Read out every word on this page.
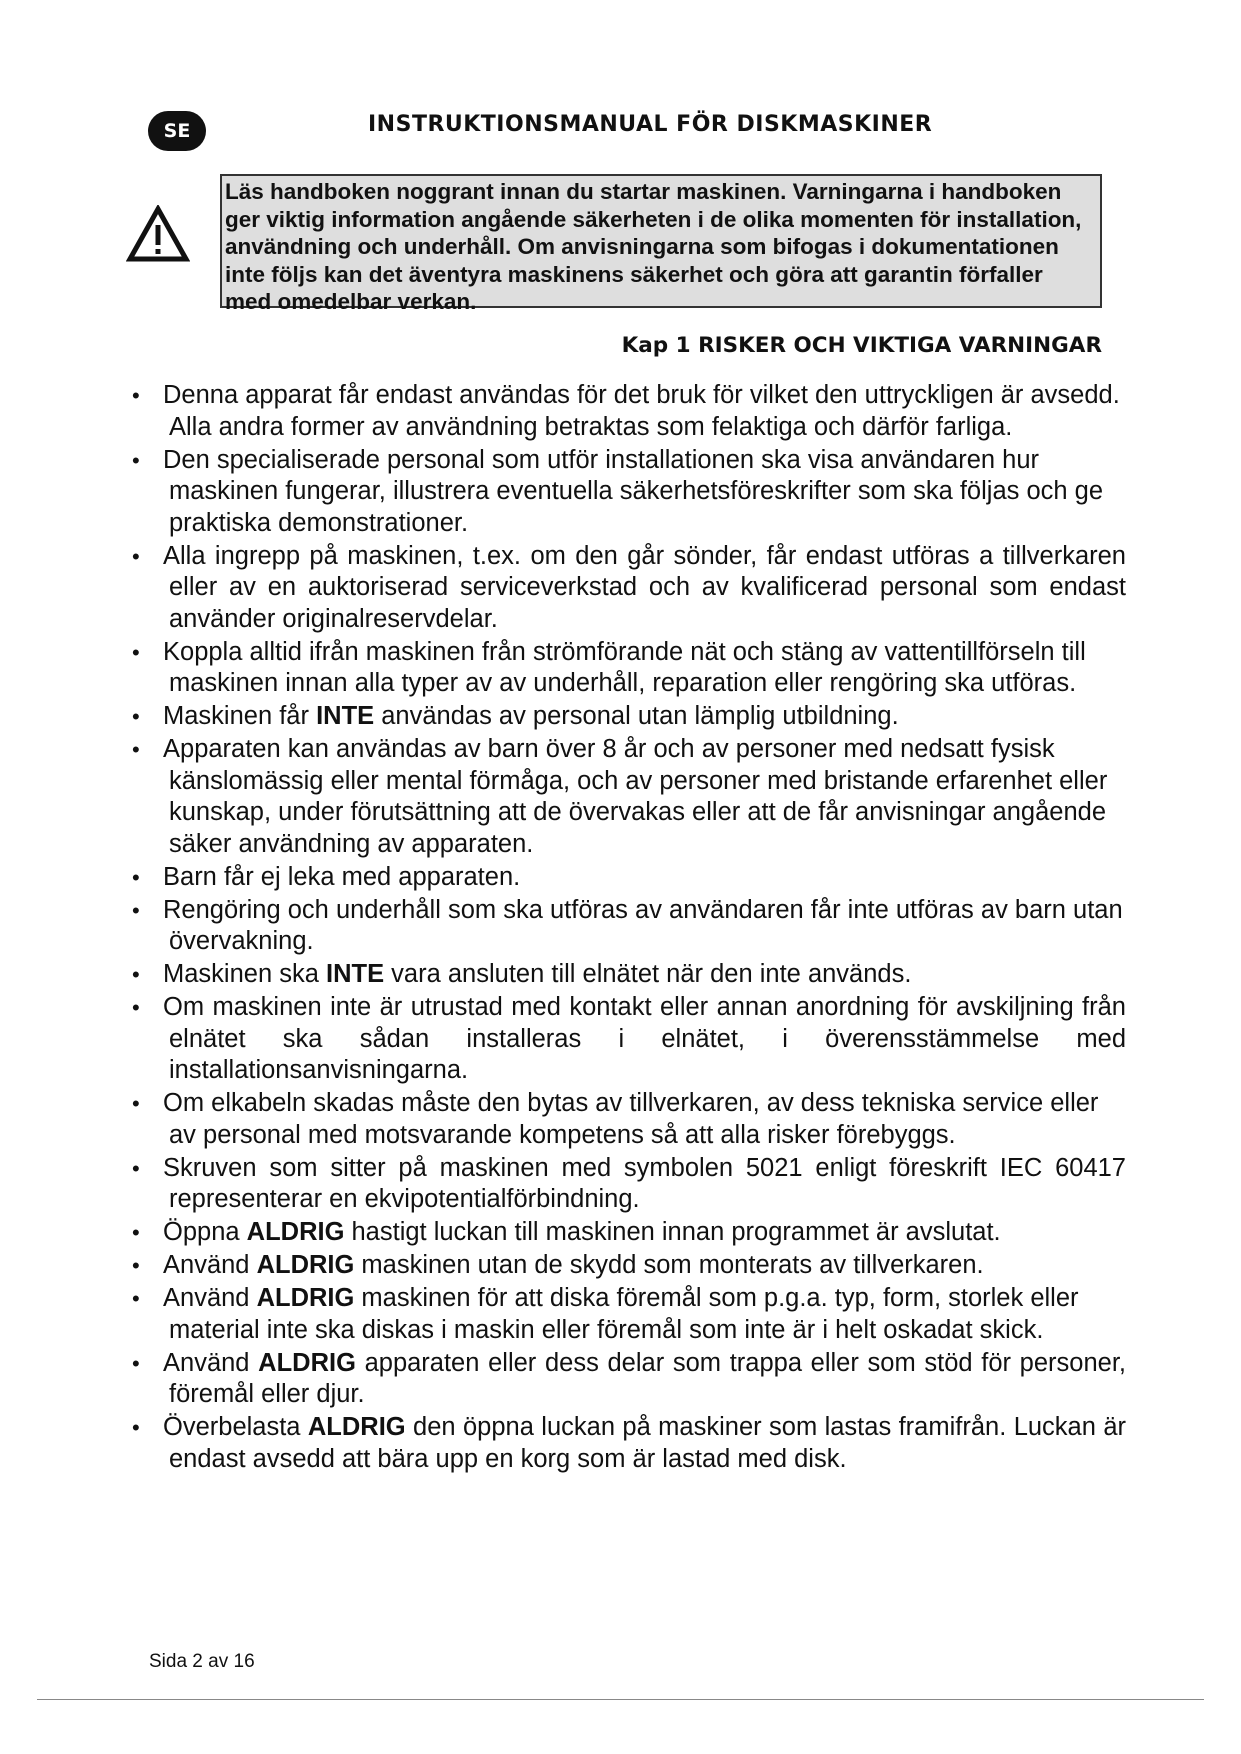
SE	INSTRUKTIONSMANUAL FÖR DISKMASKINER

Läs handboken noggrant innan du startar maskinen. Varningarna i handboken ger viktig information angående säkerheten i de olika momenten för installation, användning och underhåll. Om anvisningarna som bifogas i dokumentationen inte följs kan det äventyra maskinens säkerhet och göra att garantin förfaller med omedelbar verkan.

Kap 1 RISKER OCH VIKTIGA VARNINGAR
• Denna apparat får endast användas för det bruk för vilket den uttryckligen är avsedd. Alla andra former av användning betraktas som felaktiga och därför farliga.
• Den specialiserade personal som utför installationen ska visa användaren hur maskinen fungerar, illustrera eventuella säkerhetsföreskrifter som ska följas och ge praktiska demonstrationer.
• Alla ingrepp på maskinen, t.ex. om den går sönder, får endast utföras a tillverkaren eller av en auktoriserad serviceverkstad och av kvalificerad personal som endast använder originalreservdelar.
• Koppla alltid ifrån maskinen från strömförande nät och stäng av vattentillförseln till maskinen innan alla typer av av underhåll, reparation eller rengöring ska utföras.
• Maskinen får INTE användas av personal utan lämplig utbildning.
• Apparaten kan användas av barn över 8 år och av personer med nedsatt fysisk känslomässig eller mental förmåga, och av personer med bristande erfarenhet eller kunskap, under förutsättning att de övervakas eller att de får anvisningar angående säker användning av apparaten.
• Barn får ej leka med apparaten.
• Rengöring och underhåll som ska utföras av användaren får inte utföras av barn utan övervakning.
• Maskinen ska INTE vara ansluten till elnätet när den inte används.
• Om maskinen inte är utrustad med kontakt eller annan anordning för avskiljning från elnätet ska sådan installeras i elnätet, i överensstämmelse med installationsanvisningarna.
• Om elkabeln skadas måste den bytas av tillverkaren, av dess tekniska service eller av personal med motsvarande kompetens så att alla risker förebyggs.
• Skruven som sitter på maskinen med symbolen 5021 enligt föreskrift IEC 60417 representerar en ekvipotentialförbindning.
• Öppna ALDRIG hastigt luckan till maskinen innan programmet är avslutat.
• Använd ALDRIG maskinen utan de skydd som monterats av tillverkaren.
• Använd ALDRIG maskinen för att diska föremål som p.g.a. typ, form, storlek eller material inte ska diskas i maskin eller föremål som inte är i helt oskadat skick.
• Använd ALDRIG apparaten eller dess delar som trappa eller som stöd för personer, föremål eller djur.
• Överbelasta ALDRIG den öppna luckan på maskiner som lastas framifrån. Luckan är endast avsedd att bära upp en korg som är lastad med disk.
Sida 2 av 16
